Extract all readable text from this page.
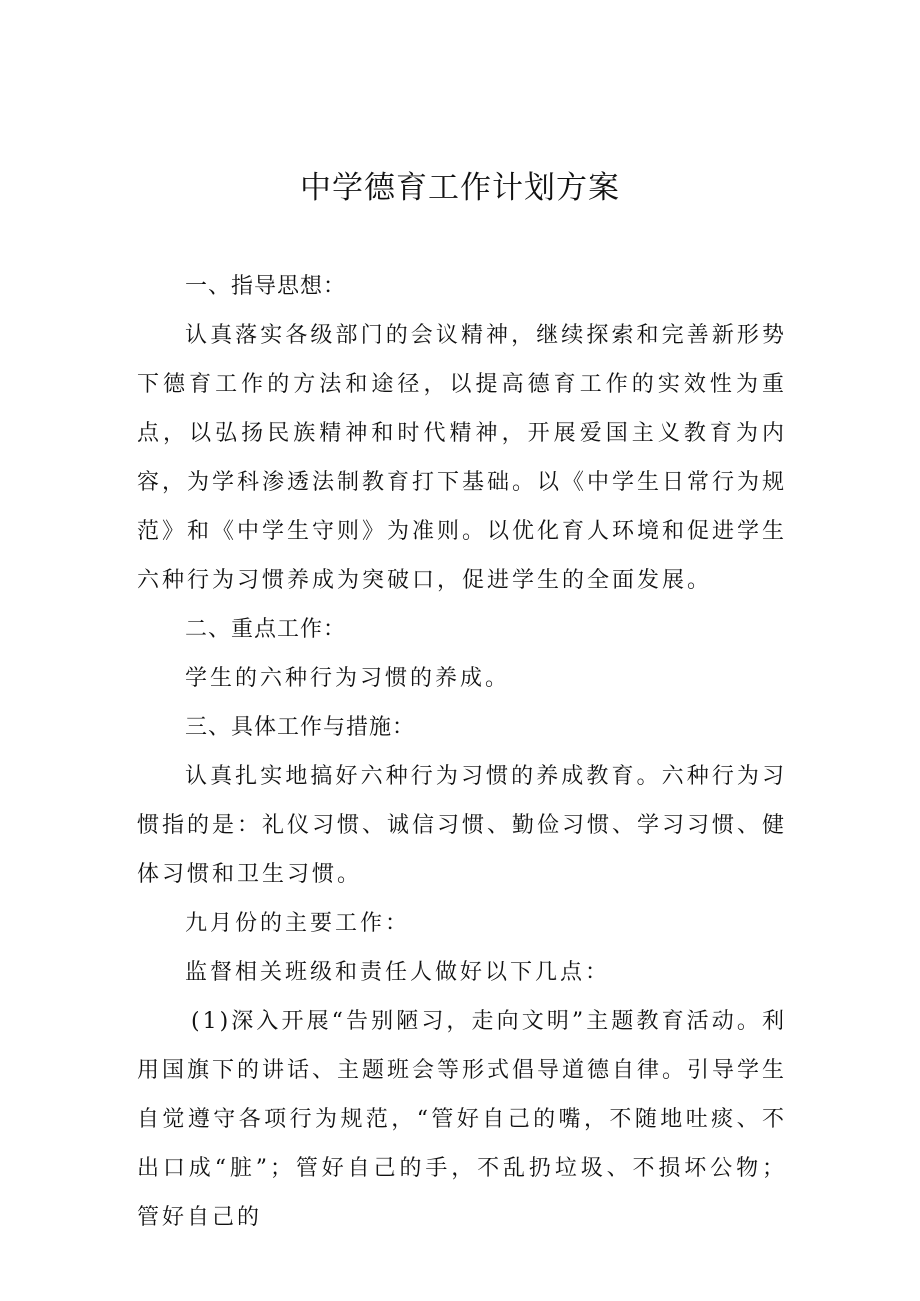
中学德育工作计划方案

一、指导思想：

认真落实各级部门的会议精神，继续探索和完善新形势下德育工作的方法和途径，以提高德育工作的实效性为重点，以弘扬民族精神和时代精神，开展爱国主义教育为内容，为学科渗透法制教育打下基础。以《中学生日常行为规范》和《中学生守则》为准则。以优化育人环境和促进学生六种行为习惯养成为突破口，促进学生的全面发展。

二、重点工作：

学生的六种行为习惯的养成。

三、具体工作与措施：

认真扎实地搞好六种行为习惯的养成教育。六种行为习惯指的是：礼仪习惯、诚信习惯、勤俭习惯、学习习惯、健体习惯和卫生习惯。

九月份的主要工作：

监督相关班级和责任人做好以下几点：

(1)深入开展“告别陋习，走向文明”主题教育活动。利用国旗下的讲话、主题班会等形式倡导道德自律。引导学生自觉遵守各项行为规范，“管好自己的嘴，不随地吐痰、不出口成“脏”；管好自己的手，不乱扔垃圾、不损坏公物；管好自己的
